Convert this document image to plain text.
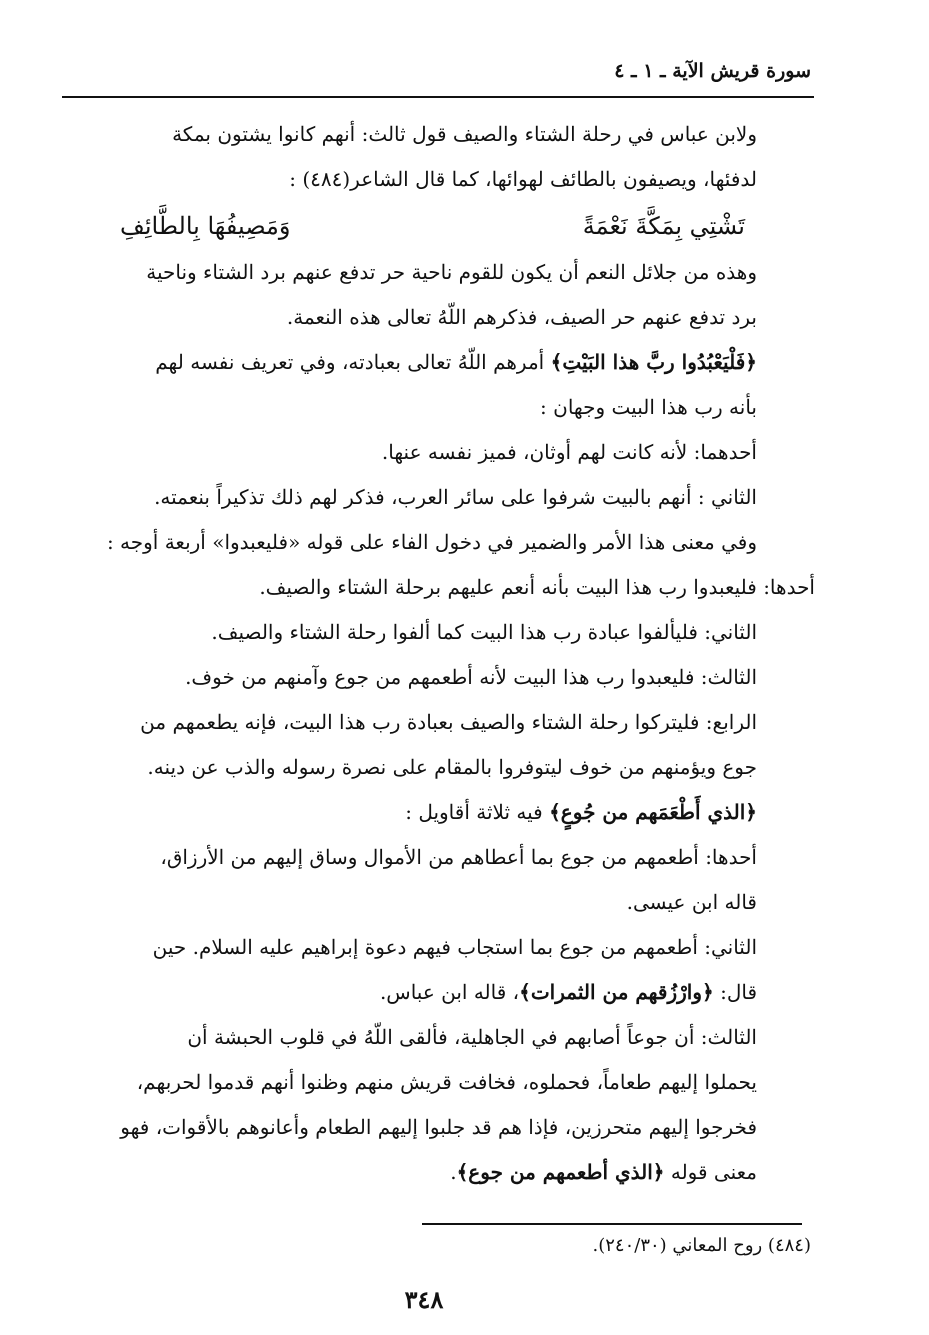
سورة قريش الآية ـ ١ ـ ٤

ولابن عباس في رحلة الشتاء والصيف قول ثالث: أنهم كانوا يشتون بمكة
لدفئها، ويصيفون بالطائف لهوائها، كما قال الشاعر(٤٨٤) :

تَشْتِي بِمَكَّةَ نَعْمَةً
وَمَصِيفُهَا بِالطَّائِفِ

وهذه من جلائل النعم أن يكون للقوم ناحية حر تدفع عنهم برد الشتاء وناحية
برد تدفع عنهم حر الصيف، فذكرهم اللّهُ تعالى هذه النعمة.

﴿فَلْيَعْبُدُوا ربَّ هذا البَيْتِ﴾ أمرهم اللّهُ تعالى بعبادته، وفي تعريف نفسه لهم
بأنه رب هذا البيت وجهان :

أحدهما: لأنه كانت لهم أوثان، فميز نفسه عنها.

الثاني : أنهم بالبيت شرفوا على سائر العرب، فذكر لهم ذلك تذكيراً بنعمته.

وفي معنى هذا الأمر والضمير في دخول الفاء على قوله «فليعبدوا» أربعة أوجه :

أحدها: فليعبدوا رب هذا البيت بأنه أنعم عليهم برحلة الشتاء والصيف.

الثاني: فليألفوا عبادة رب هذا البيت كما ألفوا رحلة الشتاء والصيف.

الثالث: فليعبدوا رب هذا البيت لأنه أطعمهم من جوع وآمنهم من خوف.

الرابع: فليتركوا رحلة الشتاء والصيف بعبادة رب هذا البيت، فإنه يطعمهم من
جوع ويؤمنهم من خوف ليتوفروا بالمقام على نصرة رسوله والذب عن دينه.

﴿الذي أَطْعَمَهم من جُوعٍ﴾ فيه ثلاثة أقاويل :

أحدها: أطعمهم من جوع بما أعطاهم من الأموال وساق إليهم من الأرزاق،
قاله ابن عيسى.

الثاني: أطعمهم من جوع بما استجاب فيهم دعوة إبراهيم عليه السلام. حين
قال: ﴿وارْزُقهم من الثمرات﴾، قاله ابن عباس.

الثالث: أن جوعاً أصابهم في الجاهلية، فألقى اللّهُ في قلوب الحبشة أن
يحملوا إليهم طعاماً، فحملوه، فخافت قريش منهم وظنوا أنهم قدموا لحربهم،
فخرجوا إليهم متحرزين، فإذا هم قد جلبوا إليهم الطعام وأعانوهم بالأقوات، فهو
معنى قوله ﴿الذي أطعمهم من جوع﴾.

(٤٨٤) روح المعاني (٢٤٠/٣٠).
٣٤٨
